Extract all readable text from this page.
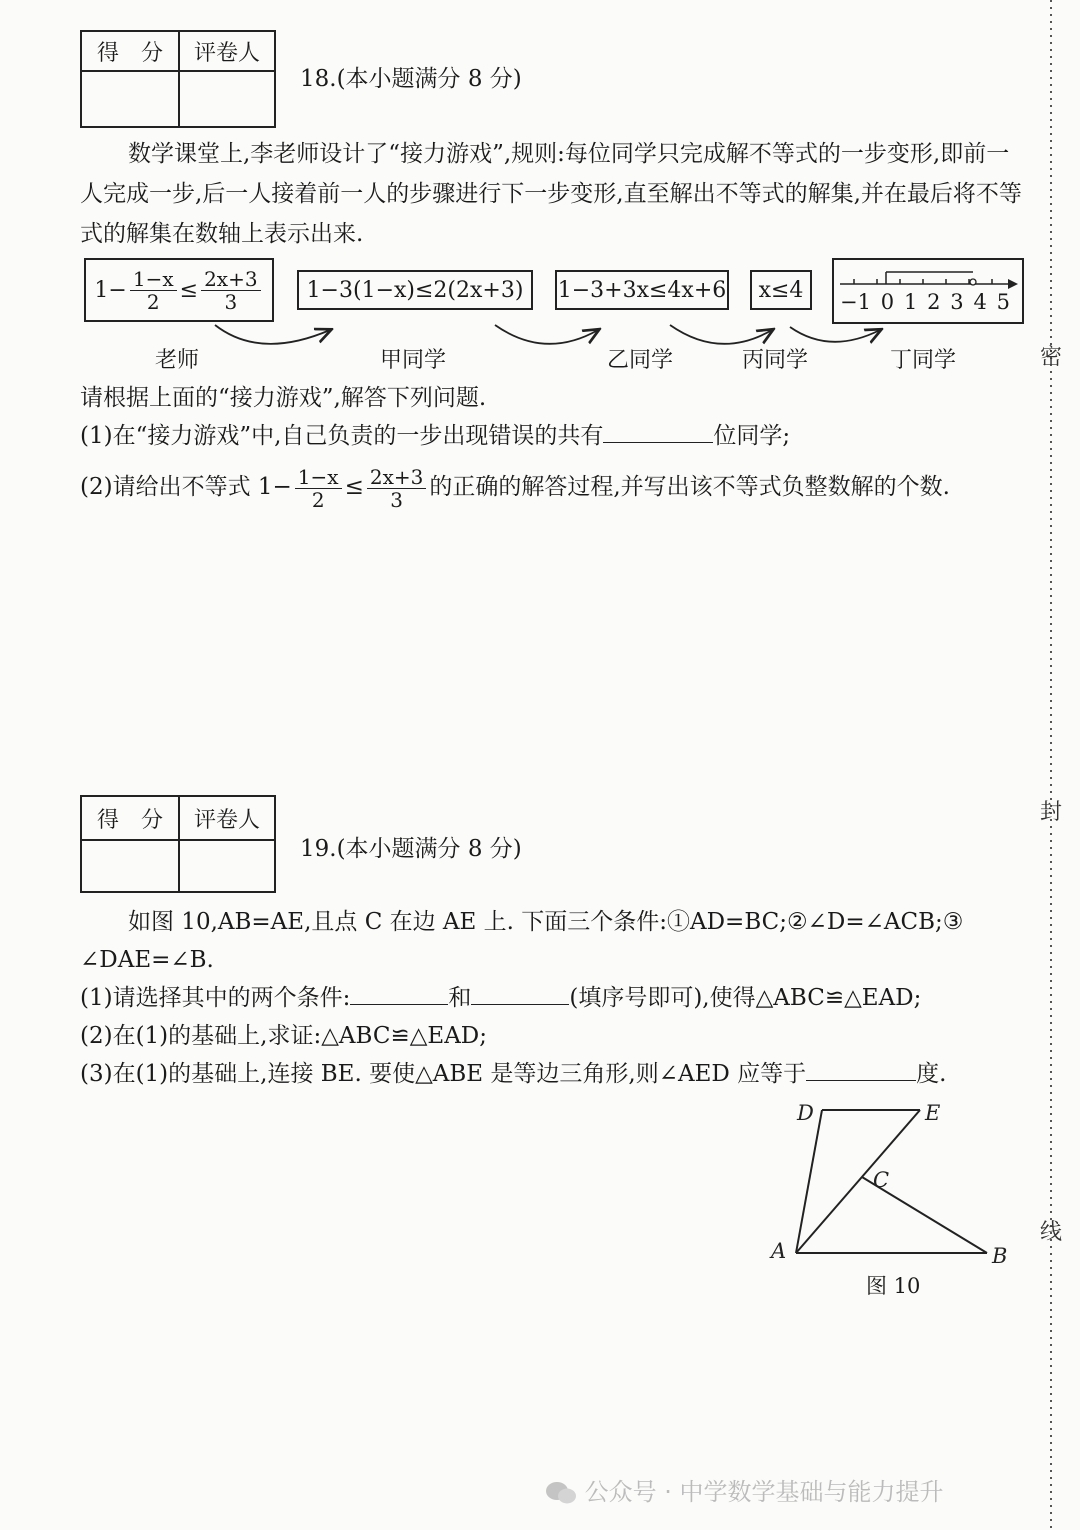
得　分	评卷人

18.(本小题满分 8 分)
数学课堂上,李老师设计了“接力游戏”,规则:每位同学只完成解不等式的一步变形,即前一人完成一步,后一人接着前一人的步骤进行下一步变形,直至解出不等式的解集,并在最后将不等式的解集在数轴上表示出来.
$1- \frac{1-x}{2} \le \frac{2x+3}{3}$	1−3(1−x)≤2(2x+3)	1−3+3x≤4x+6	x≤4	−1 0 1 2 3 4 5
老师	甲同学	乙同学	丙同学	丁同学
请根据上面的“接力游戏”,解答下列问题.
(1)在“接力游戏”中,自己负责的一步出现错误的共有	位同学;
(2)请给出不等式 $1- \frac{1-x}{2} \le \frac{2x+3}{3}$ 的正确的解答过程,并写出该不等式负整数解的个数.
得　分	评卷人

19.(本小题满分 8 分)
如图 10,AB=AE,且点 C 在边 AE 上. 下面三个条件:①AD=BC;②∠D=∠ACB;③
∠DAE=∠B.
(1)请选择其中的两个条件:	和	(填序号即可),使得△ABC≌△EAD;
(2)在(1)的基础上,求证:△ABC≌△EAD;
(3)在(1)的基础上,连接 BE. 要使△ABE 是等边三角形,则∠AED 应等于	度.
D	E
C
A	B
图 10
密
封
线
公众号 · 中学数学基础与能力提升
